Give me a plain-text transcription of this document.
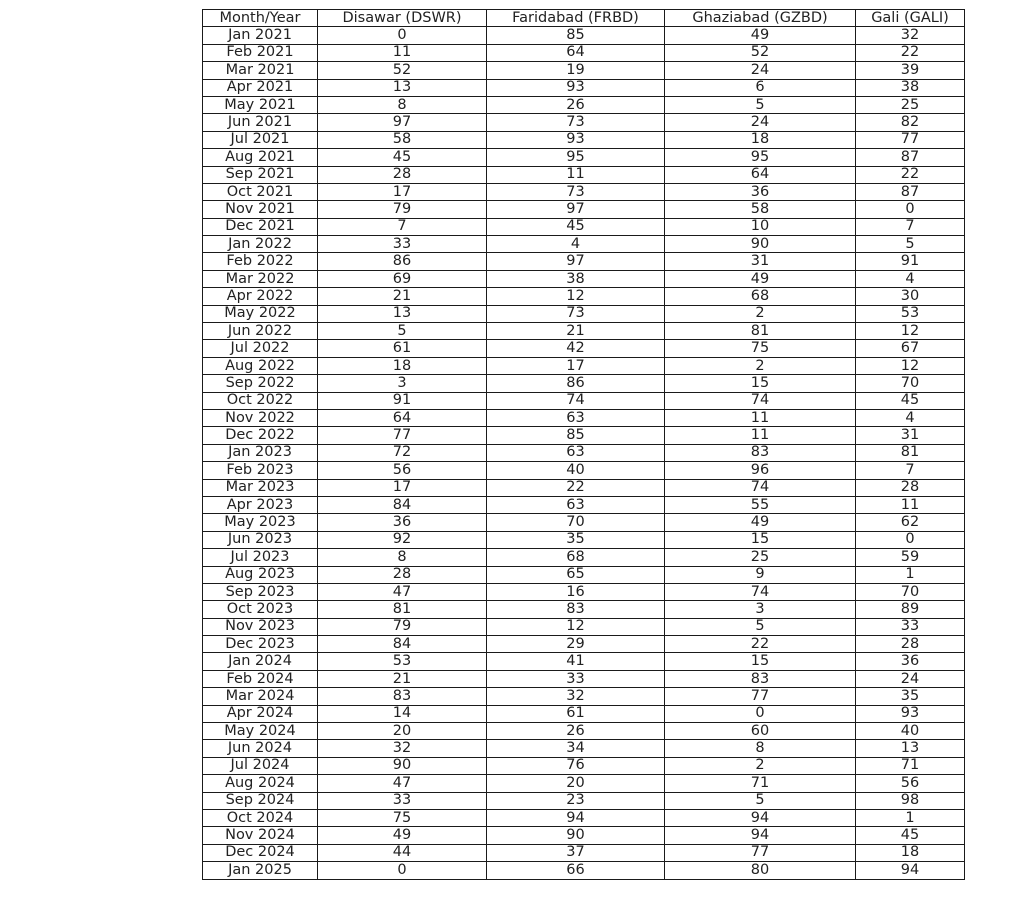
Month/Year	Disawar (DSWR)	Faridabad (FRBD)	Ghaziabad (GZBD)	Gali (GALI)
Jan 2021	0	85	49	32
Feb 2021	11	64	52	22
Mar 2021	52	19	24	39
Apr 2021	13	93	6	38
May 2021	8	26	5	25
Jun 2021	97	73	24	82
Jul 2021	58	93	18	77
Aug 2021	45	95	95	87
Sep 2021	28	11	64	22
Oct 2021	17	73	36	87
Nov 2021	79	97	58	0
Dec 2021	7	45	10	7
Jan 2022	33	4	90	5
Feb 2022	86	97	31	91
Mar 2022	69	38	49	4
Apr 2022	21	12	68	30
May 2022	13	73	2	53
Jun 2022	5	21	81	12
Jul 2022	61	42	75	67
Aug 2022	18	17	2	12
Sep 2022	3	86	15	70
Oct 2022	91	74	74	45
Nov 2022	64	63	11	4
Dec 2022	77	85	11	31
Jan 2023	72	63	83	81
Feb 2023	56	40	96	7
Mar 2023	17	22	74	28
Apr 2023	84	63	55	11
May 2023	36	70	49	62
Jun 2023	92	35	15	0
Jul 2023	8	68	25	59
Aug 2023	28	65	9	1
Sep 2023	47	16	74	70
Oct 2023	81	83	3	89
Nov 2023	79	12	5	33
Dec 2023	84	29	22	28
Jan 2024	53	41	15	36
Feb 2024	21	33	83	24
Mar 2024	83	32	77	35
Apr 2024	14	61	0	93
May 2024	20	26	60	40
Jun 2024	32	34	8	13
Jul 2024	90	76	2	71
Aug 2024	47	20	71	56
Sep 2024	33	23	5	98
Oct 2024	75	94	94	1
Nov 2024	49	90	94	45
Dec 2024	44	37	77	18
Jan 2025	0	66	80	94
